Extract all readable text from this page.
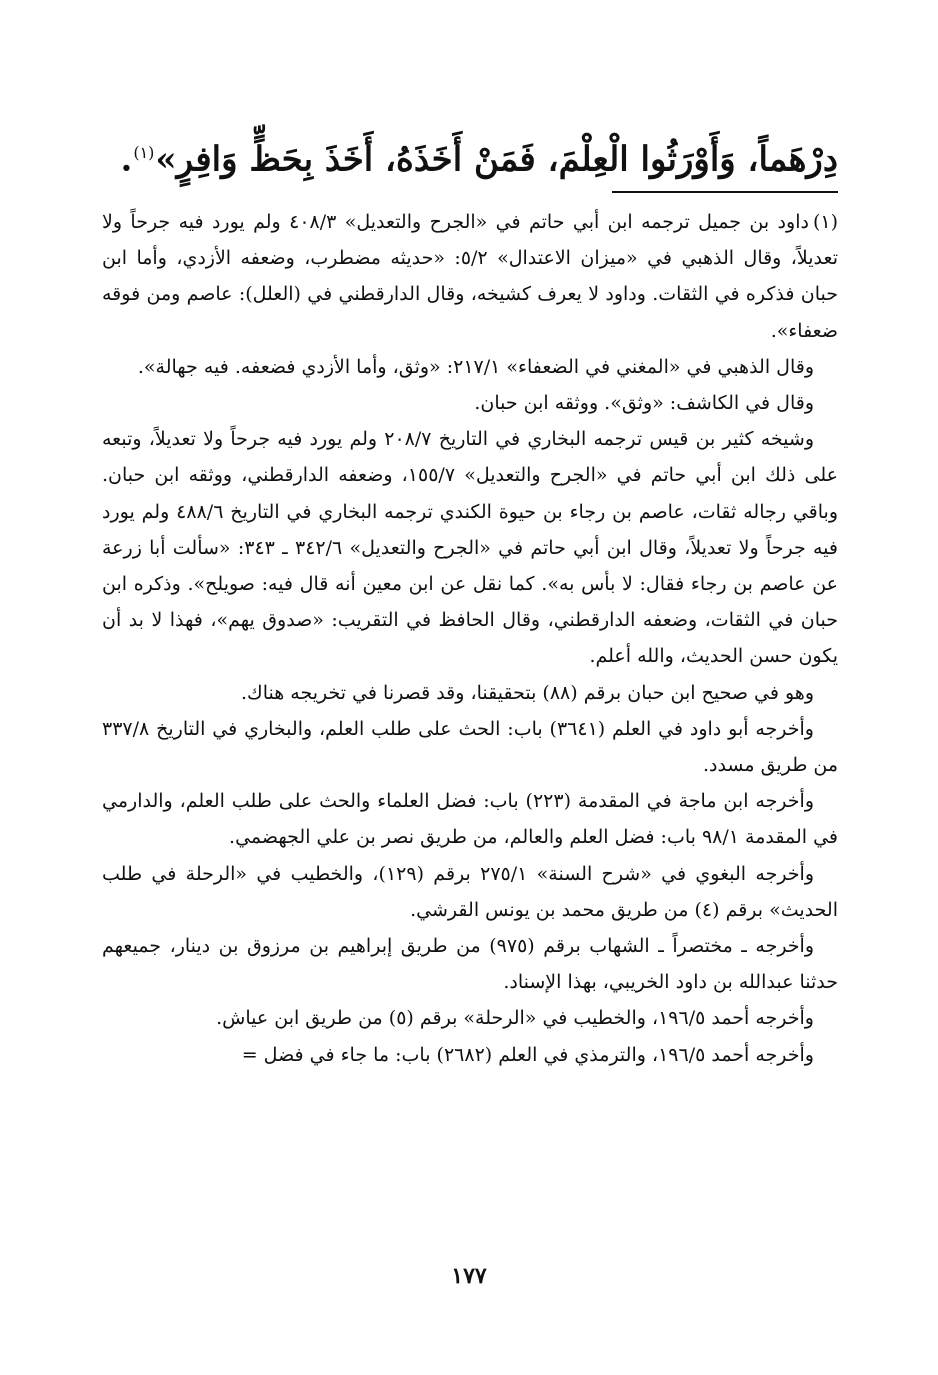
دِرْهَماً، وَأَوْرَثُوا الْعِلْمَ، فَمَنْ أَخَذَهُ، أَخَذَ بِحَظٍّ وَافِرٍ»$^{(١)}$.

(١)داود بن جميل ترجمه ابن أبي حاتم في «الجرح والتعديل» ٤٠٨/٣ ولم يورد فيه جرحاً ولا تعديلاً، وقال الذهبي في «ميزان الاعتدال» ٥/٢: «حديثه مضطرب، وضعفه الأزدي، وأما ابن حبان فذكره في الثقات. وداود لا يعرف كشيخه، وقال الدارقطني في (العلل): عاصم ومن فوقه ضعفاء».

وقال الذهبي في «المغني في الضعفاء» ٢١٧/١: «وثق، وأما الأزدي فضعفه. فيه جهالة».

وقال في الكاشف: «وثق». ووثقه ابن حبان.

وشيخه كثير بن قيس ترجمه البخاري في التاريخ ٢٠٨/٧ ولم يورد فيه جرحاً ولا تعديلاً، وتبعه على ذلك ابن أبي حاتم في «الجرح والتعديل» ١٥٥/٧، وضعفه الدارقطني، ووثقه ابن حبان. وباقي رجاله ثقات، عاصم بن رجاء بن حيوة الكندي ترجمه البخاري في التاريخ ٤٨٨/٦ ولم يورد فيه جرحاً ولا تعديلاً، وقال ابن أبي حاتم في «الجرح والتعديل» ٣٤٢/٦ ـ ٣٤٣: «سألت أبا زرعة عن عاصم بن رجاء فقال: لا بأس به». كما نقل عن ابن معين أنه قال فيه: صويلح». وذكره ابن حبان في الثقات، وضعفه الدارقطني، وقال الحافظ في التقريب: «صدوق يهم»، فهذا لا بد أن يكون حسن الحديث، والله أعلم.

وهو في صحيح ابن حبان برقم (٨٨) بتحقيقنا، وقد قصرنا في تخريجه هناك.

وأخرجه أبو داود في العلم (٣٦٤١) باب: الحث على طلب العلم، والبخاري في التاريخ ٣٣٧/٨ من طريق مسدد.

وأخرجه ابن ماجة في المقدمة (٢٢٣) باب: فضل العلماء والحث على طلب العلم، والدارمي في المقدمة ٩٨/١ باب: فضل العلم والعالم، من طريق نصر بن علي الجهضمي.

وأخرجه البغوي في «شرح السنة» ٢٧٥/١ برقم (١٢٩)، والخطيب في «الرحلة في طلب الحديث» برقم (٤) من طريق محمد بن يونس القرشي.

وأخرجه ـ مختصراً ـ الشهاب برقم (٩٧٥) من طريق إبراهيم بن مرزوق بن دينار، جميعهم حدثنا عبدالله بن داود الخريبي، بهذا الإسناد.

وأخرجه أحمد ١٩٦/٥، والخطيب في «الرحلة» برقم (٥) من طريق ابن عياش.

وأخرجه أحمد ١٩٦/٥، والترمذي في العلم (٢٦٨٢) باب: ما جاء في فضل =

١٧٧
